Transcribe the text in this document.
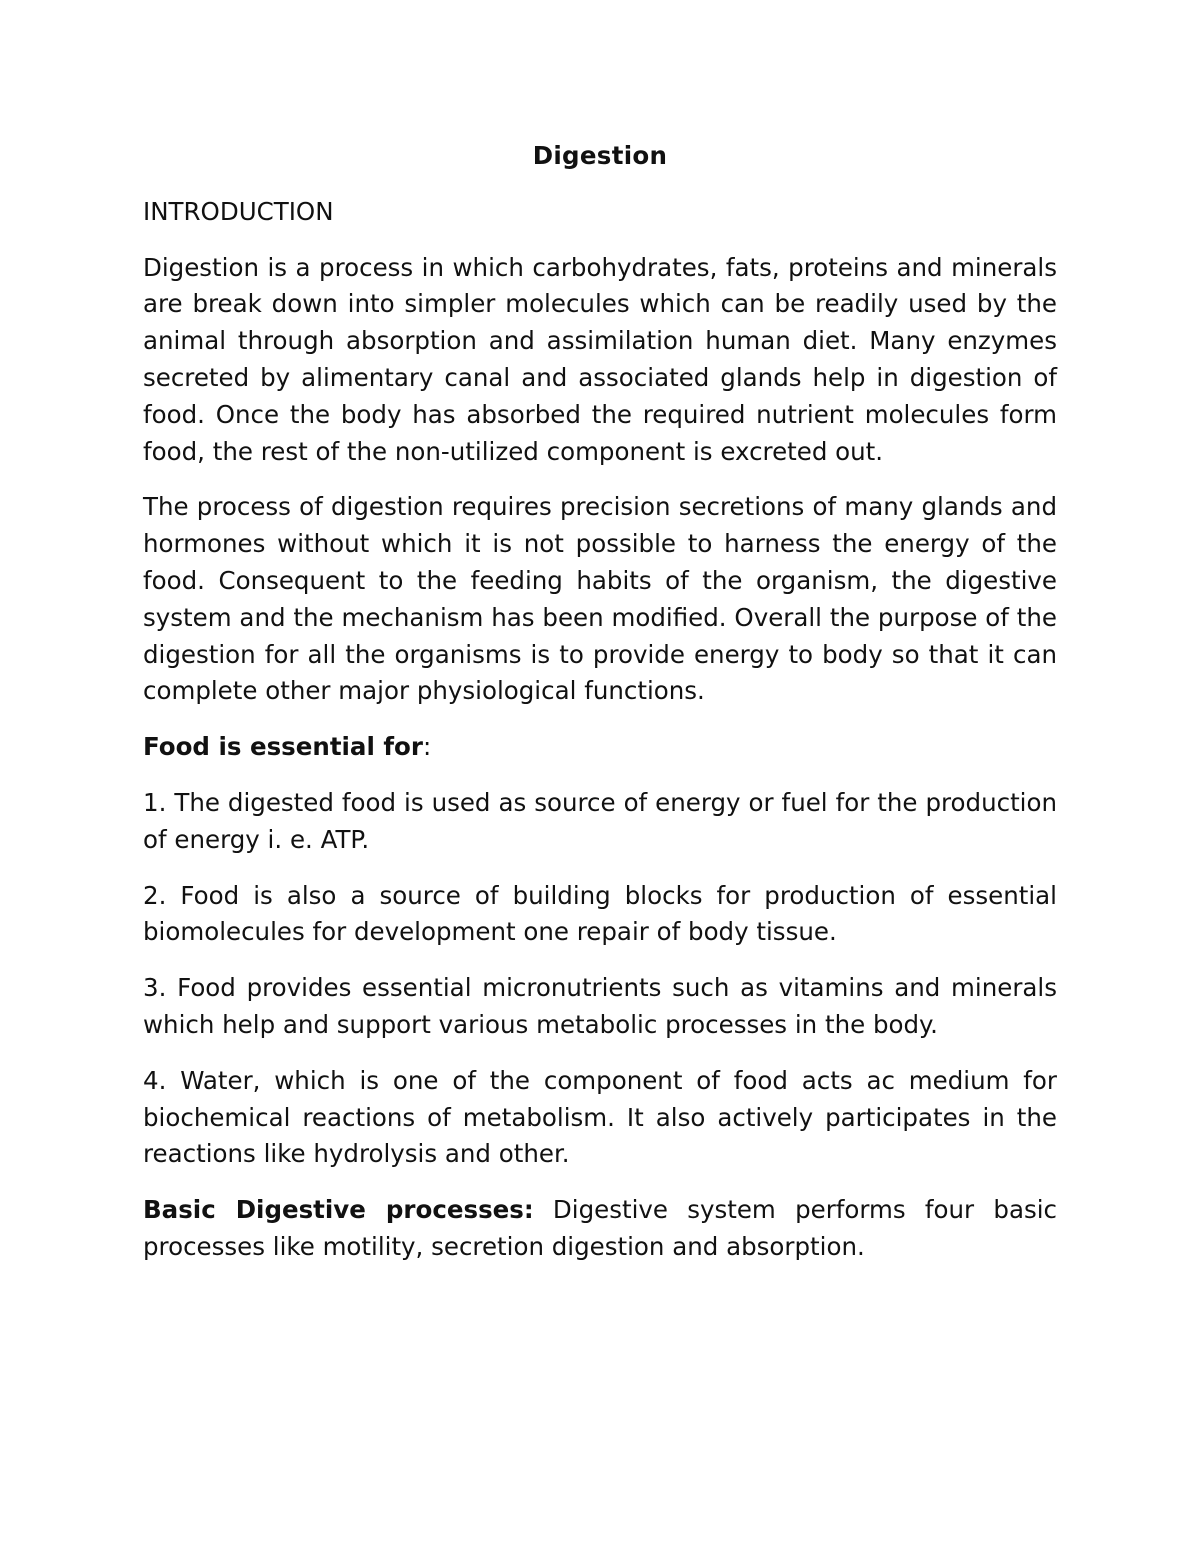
Digestion
INTRODUCTION

Digestion is a process in which carbohydrates, fats, proteins and minerals are break down into simpler molecules which can be readily used by the animal through absorption and assimilation human diet. Many enzymes secreted by alimentary canal and associated glands help in digestion of food. Once the body has absorbed the required nutrient molecules form food, the rest of the non-utilized component is excreted out.

The process of digestion requires precision secretions of many glands and hormones without which it is not possible to harness the energy of the food. Consequent to the feeding habits of the organism, the digestive system and the mechanism has been modified. Overall the purpose of the digestion for all the organisms is to provide energy to body so that it can complete other major physiological functions.

Food is essential for:

1. The digested food is used as source of energy or fuel for the production of energy i. e. ATP.

2. Food is also a source of building blocks for production of essential biomolecules for development one repair of body tissue.

3. Food provides essential micronutrients such as vitamins and minerals which help and support various metabolic processes in the body.

4. Water, which is one of the component of food acts ac medium for biochemical reactions of metabolism. It also actively participates in the reactions like hydrolysis and other.

Basic Digestive processes: Digestive system performs four basic processes like motility, secretion digestion and absorption.
